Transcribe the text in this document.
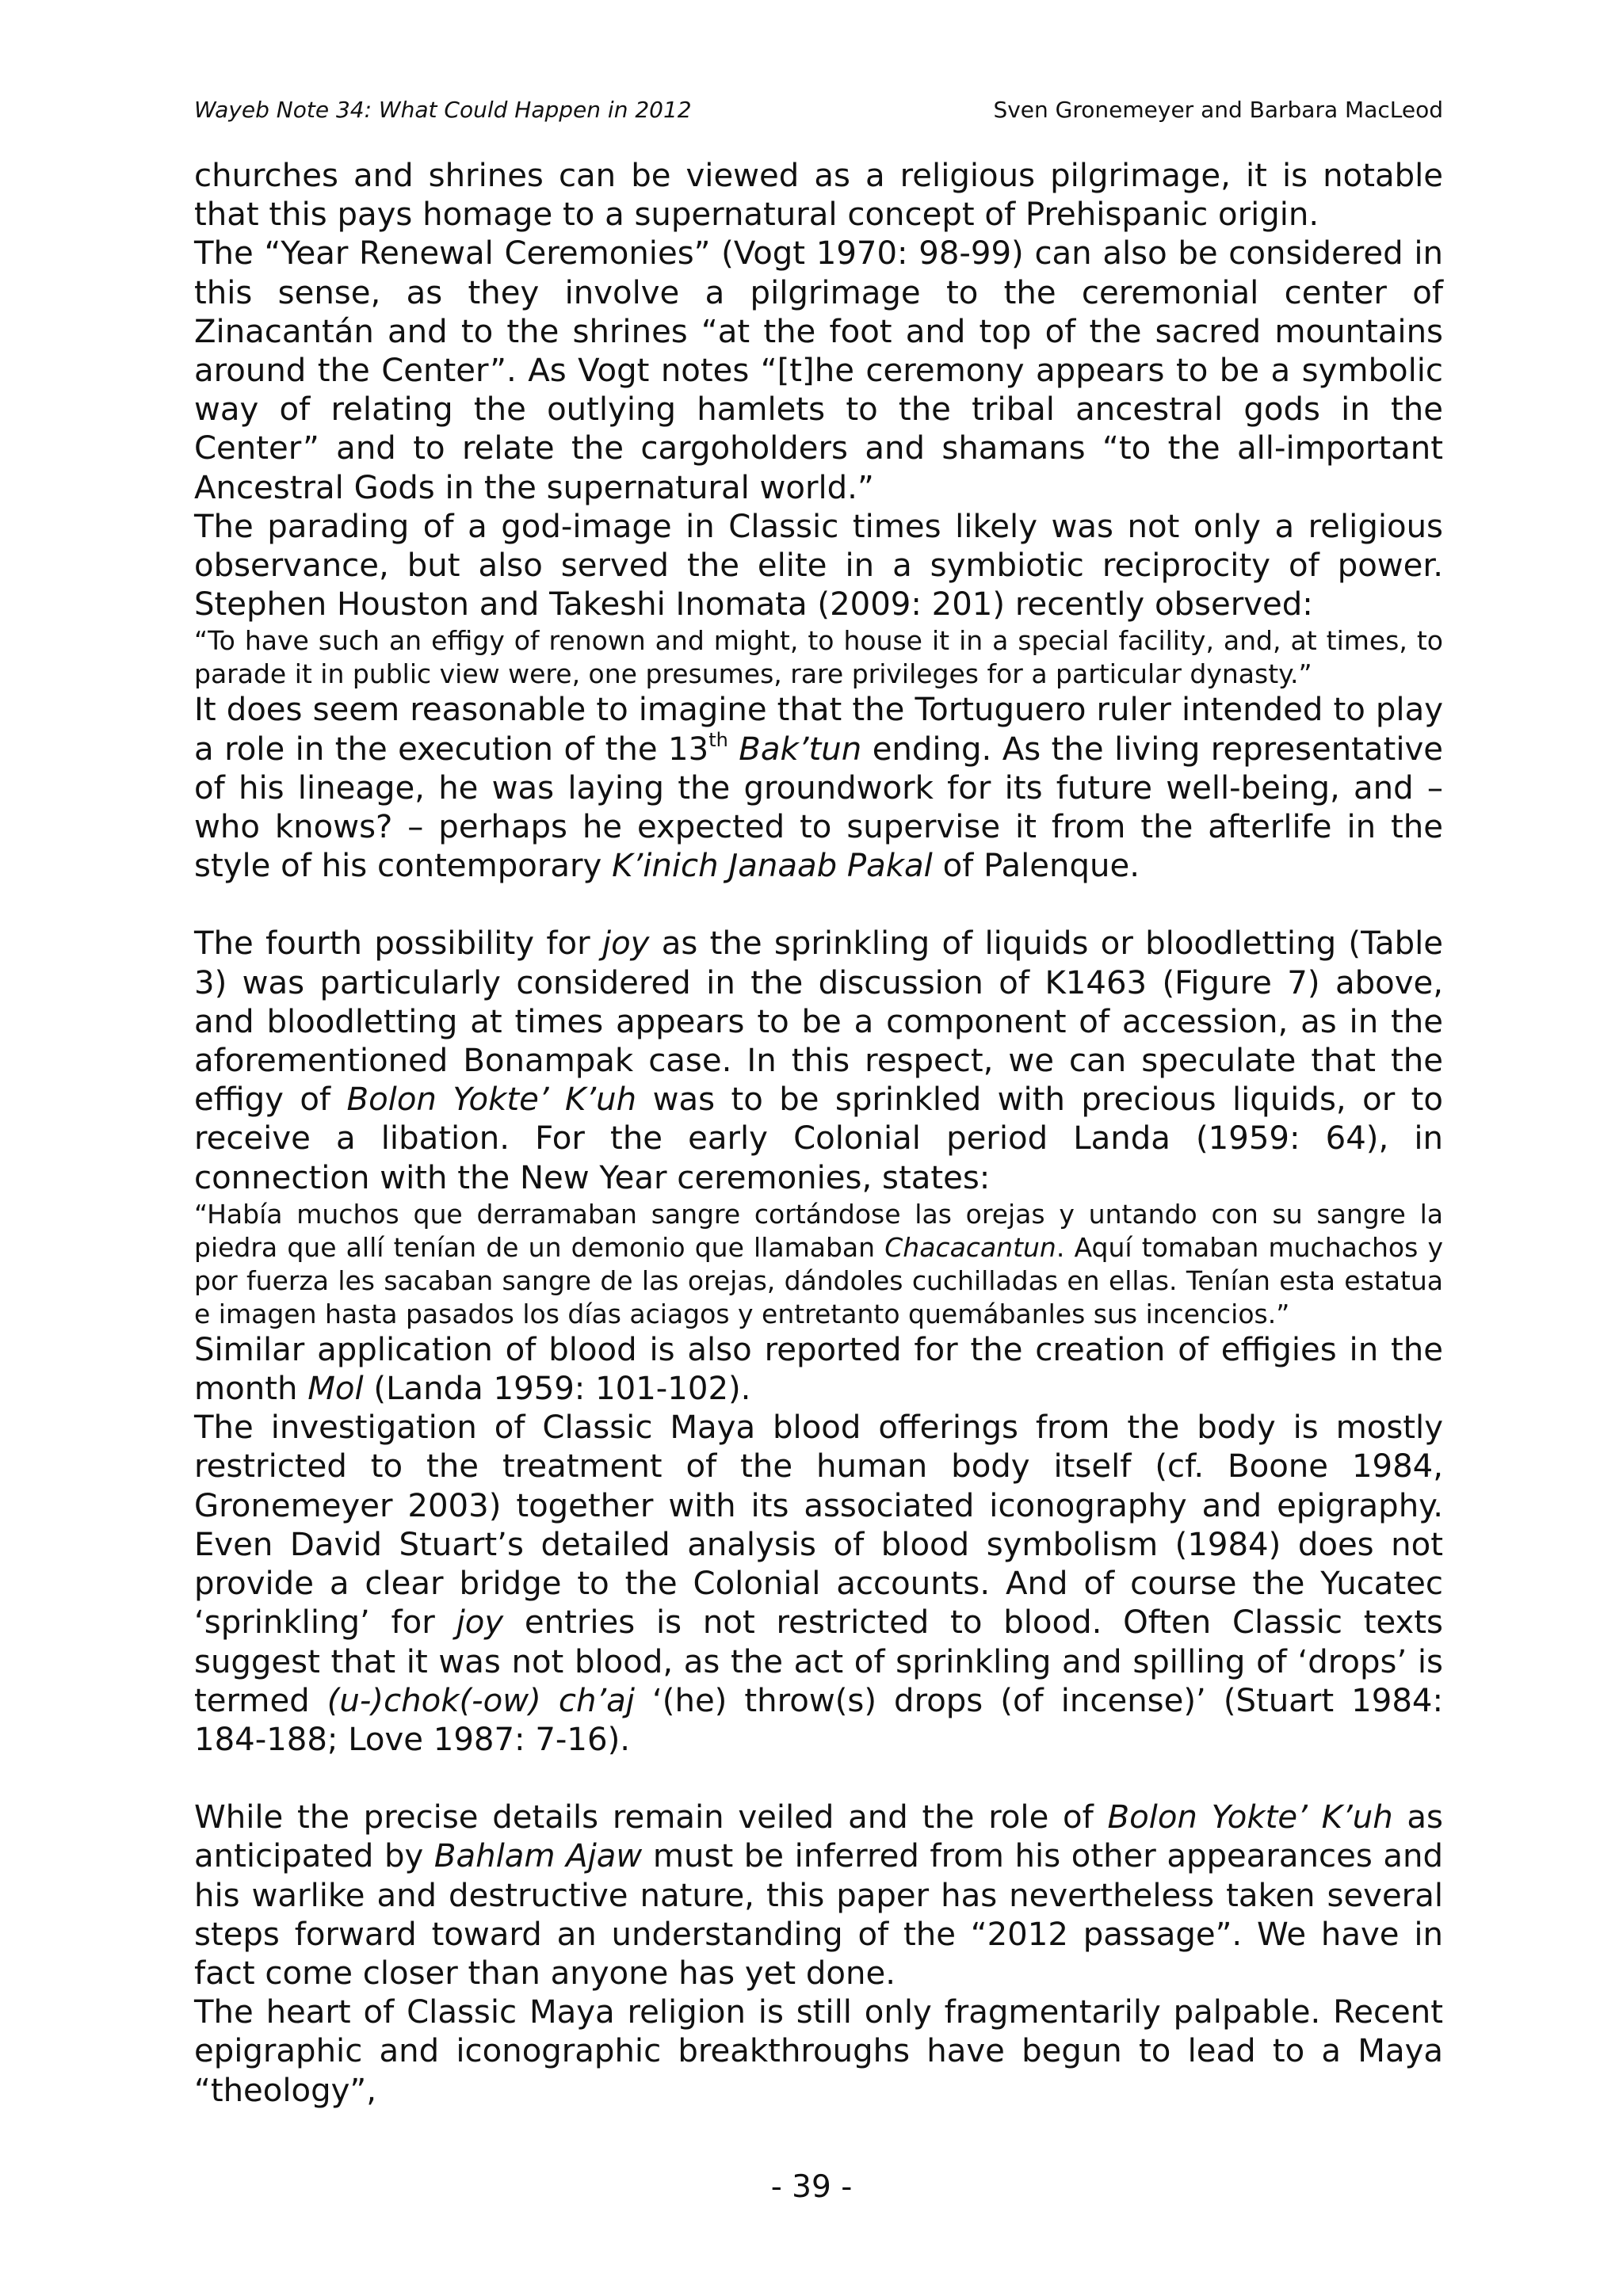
Wayeb Note 34: What Could Happen in 2012	Sven Gronemeyer and Barbara MacLeod

churches and shrines can be viewed as a religious pilgrimage, it is notable that this pays homage to a supernatural concept of Prehispanic origin.

The “Year Renewal Ceremonies” (Vogt 1970: 98-99) can also be considered in this sense, as they involve a pilgrimage to the ceremonial center of Zinacantán and to the shrines “at the foot and top of the sacred mountains around the Center”. As Vogt notes “[t]he ceremony appears to be a symbolic way of relating the outlying hamlets to the tribal ancestral gods in the Center” and to relate the cargoholders and shamans “to the all-important Ancestral Gods in the supernatural world.”

The parading of a god-image in Classic times likely was not only a religious observance, but also served the elite in a symbiotic reciprocity of power. Stephen Houston and Takeshi Inomata (2009: 201) recently observed:

“To have such an effigy of renown and might, to house it in a special facility, and, at times, to parade it in public view were, one presumes, rare privileges for a particular dynasty.”

It does seem reasonable to imagine that the Tortuguero ruler intended to play a role in the execution of the 13th Bak’tun ending. As the living representative of his lineage, he was laying the groundwork for its future well-being, and – who knows? – perhaps he expected to supervise it from the afterlife in the style of his contemporary K’inich Janaab Pakal of Palenque.

The fourth possibility for joy as the sprinkling of liquids or bloodletting (Table 3) was particularly considered in the discussion of K1463 (Figure 7) above, and bloodletting at times appears to be a component of accession, as in the aforementioned Bonampak case. In this respect, we can speculate that the effigy of Bolon Yokte’ K’uh was to be sprinkled with precious liquids, or to receive a libation. For the early Colonial period Landa (1959: 64), in connection with the New Year ceremonies, states:

“Había muchos que derramaban sangre cortándose las orejas y untando con su sangre la piedra que allí tenían de un demonio que llamaban Chacacantun. Aquí tomaban muchachos y por fuerza les sacaban sangre de las orejas, dándoles cuchilladas en ellas. Tenían esta estatua e imagen hasta pasados los días aciagos y entretanto quemábanles sus incencios.”

Similar application of blood is also reported for the creation of effigies in the month Mol (Landa 1959: 101-102).

The investigation of Classic Maya blood offerings from the body is mostly restricted to the treatment of the human body itself (cf. Boone 1984, Gronemeyer 2003) together with its associated iconography and epigraphy. Even David Stuart’s detailed analysis of blood symbolism (1984) does not provide a clear bridge to the Colonial accounts. And of course the Yucatec ‘sprinkling’ for joy entries is not restricted to blood. Often Classic texts suggest that it was not blood, as the act of sprinkling and spilling of ‘drops’ is termed (u-)chok(-ow) ch’aj ‘(he) throw(s) drops (of incense)’ (Stuart 1984: 184-188; Love 1987: 7-16).

While the precise details remain veiled and the role of Bolon Yokte’ K’uh as anticipated by Bahlam Ajaw must be inferred from his other appearances and his warlike and destructive nature, this paper has nevertheless taken several steps forward toward an understanding of the “2012 passage”. We have in fact come closer than anyone has yet done.

The heart of Classic Maya religion is still only fragmentarily palpable. Recent epigraphic and iconographic breakthroughs have begun to lead to a Maya “theology”,

- 39 -
